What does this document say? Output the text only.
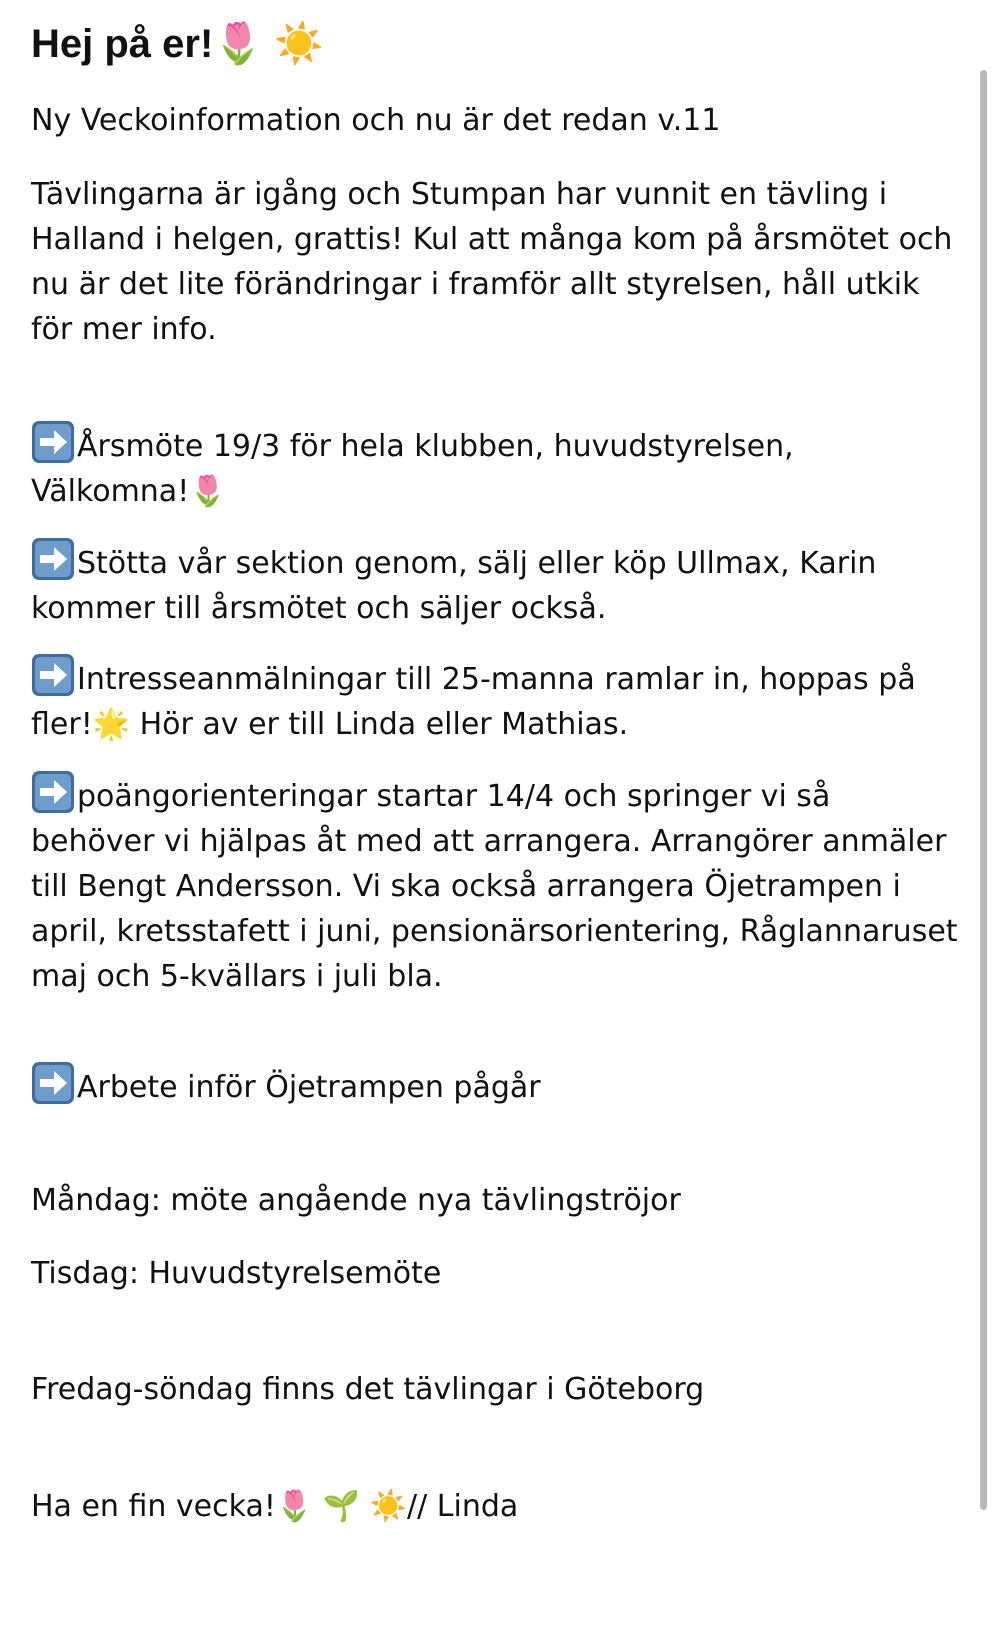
Hej på er!🌷 ☀️

Ny Veckoinformation och nu är det redan v.11

Tävlingarna är igång och Stumpan har vunnit en tävling i Halland i helgen, grattis! Kul att många kom på årsmötet och nu är det lite förändringar i framför allt styrelsen, håll utkik för mer info.

Årsmöte 19/3 för hela klubben, huvudstyrelsen, Välkomna!🌷

Stötta vår sektion genom, sälj eller köp Ullmax, Karin kommer till årsmötet och säljer också.

Intresseanmälningar till 25-manna ramlar in, hoppas på fler!🌟 Hör av er till Linda eller Mathias.

poängorienteringar startar 14/4 och springer vi så behöver vi hjälpas åt med att arrangera. Arrangörer anmäler till Bengt Andersson. Vi ska också arrangera Öjetrampen i april, kretsstafett i juni, pensionärsorientering, Råglannaruset maj och 5-kvällars i juli bla.

Arbete inför Öjetrampen pågår

Måndag: möte angående nya tävlingströjor

Tisdag: Huvudstyrelsemöte

Fredag-söndag finns det tävlingar i Göteborg

Ha en fin vecka!🌷 🌱 ☀️// Linda
